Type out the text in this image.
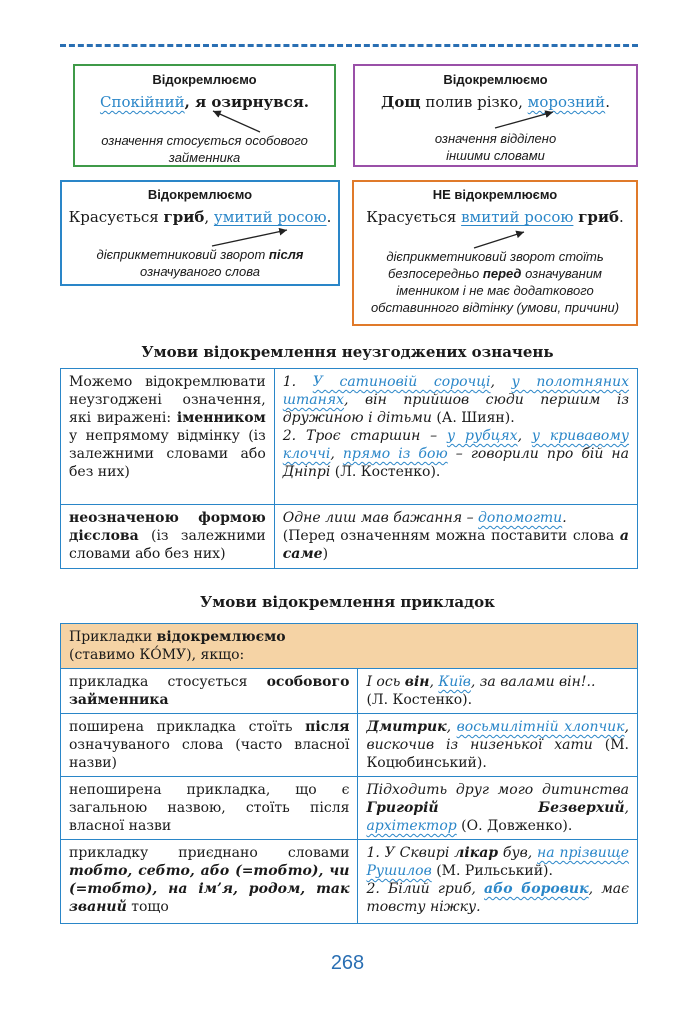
Відокремлюємо
Спокійний, я озирнувся.
означення стосується особового
займенника
Відокремлюємо
Дощ полив різко, морозний.
означення відділено
іншими словами
Відокремлюємо
Красується гриб, умитий росою.
дієприкметниковий зворот після
означуваного слова
НЕ відокремлюємо
Красується вмитий росою гриб.
дієприкметниковий зворот стоїть
безпосередньо перед означуваним
іменником і не має додаткового
обставинного відтінку (умови, причини)
Умови відокремлення неузгоджених означень
Можемо відокремлювати неузгоджені означення, які виражені: іменником у непрямому відмінку (із залежними словами або без них)	1. У сатиновій сорочці, у полотняних штанях, він прийшов сюди першим із дружиною і дітьми (А. Шиян).
2. Троє старшин – у рубцях, у кривавому клоччі, прямо із бою – говорили про бій на Дніпрі (Л. Костенко).

неозначеною формою дієслова (із залежними словами або без них)	Одне лиш мав бажання – допомогти.
(Перед означенням можна поставити слова а саме)
Умови відокремлення прикладок
Прикладки відокремлюємо
(ставимо КО́МУ), якщо:	

прикладка стосується особового займенника	І ось він, Київ, за валами він!..
(Л. Костенко).

поширена прикладка стоїть після означуваного слова (часто власної назви)	Дмитрик, восьмилітній хлопчик, вискочив із низенької хати (М. Коцюбинський).
непоширена прикладка, що є загальною назвою, стоїть після власної назви	Підходить друг мого дитинства Григорій Безверхий, архітектор (О. Довженко).
прикладку приєднано словами тобто, себто, або (=тобто), чи (=тобто), на ім’я, родом, так званий тощо	1. У Сквирі лікар був, на прізвище Рушилов (М. Рильський).
2. Білий гриб, або боровик, має товсту ніжку.
268
